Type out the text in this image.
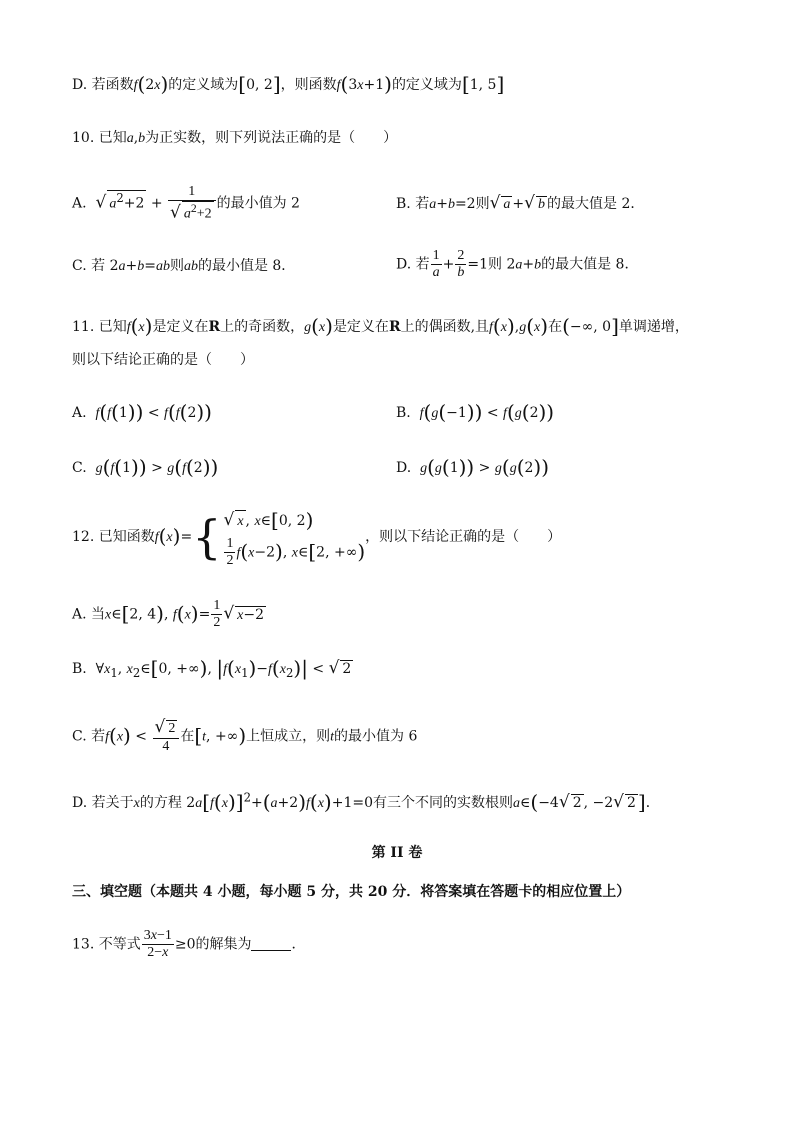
D. 若函数f(2x)的定义域为[0, 2]，则函数f(3x+1)的定义域为[1, 5]
10. 已知a,b为正实数，则下列说法正确的是（　　）
A.  √ $a^2+2 + \frac{1}{√ a^2+2}$ 的最小值为 2	B. 若a+b=2则√ a +√ b 的最大值是 2．
C. 若 2a+b=ab则ab的最小值是 8．	D. 若 $\frac{1}{a} + \frac{2}{b} =1$则 2a+b的最大值是 8．
11. 已知f(x)是定义在R上的奇函数，g(x)是定义在R上的偶函数,且f(x),g(x)在(−∞, 0]单调递增，
则以下结论正确的是（　　）
A.  f(f(1)) < f(f(2))	B.  f(g(−1)) < f(g(2))
C.  g(f(1)) > g(f(2))	D.  g(g(1)) > g(g(2))
12. 已知函数f(x)={ √ x , x∈[0, 2)
$\frac{1}{2} f(x-2)$, x∈[2, +∞)
，则以下结论正确的是（　　）
A. 当x∈[2, 4), $f(x)= \frac{1}{2}$ √ x−2
B.  $\forall x_1$, $x_2\in[0$, +∞), $|f(x_1)-f(x_2)|$ < √ 2
C. 若$f(x) < \frac{√ 2}{4}$ 在[t, +∞)上恒成立，则t的最小值为 6
D. 若关于x的方程 $2a[f(x)]^2+(a+2)f(x)+1=0$有三个不同的实数根则a∈(−4√ 2 , −2√ 2 ]．
第 II 卷
三、填空题（本题共 4 小题，每小题 5 分，共 20 分．将答案填在答题卡的相应位置上）
13. 不等式 $\frac{3x-1}{2-x} \ge 0$的解集为	．
